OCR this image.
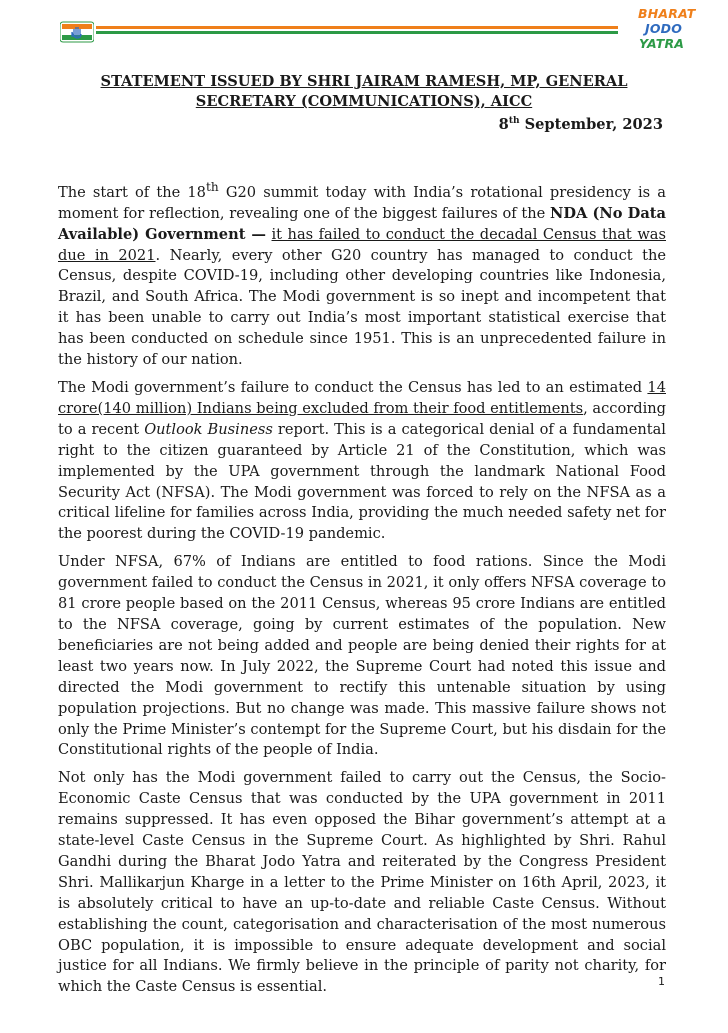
BHARAT
JODO
YATRA
STATEMENT ISSUED BY SHRI JAIRAM RAMESH, MP, GENERAL
SECRETARY (COMMUNICATIONS), AICC
8th September, 2023

The start of the 18th G20 summit today with India’s rotational presidency is a moment for reflection, revealing one of the biggest failures of the NDA (No Data Available) Government — it has failed to conduct the decadal Census that was due in 2021. Nearly, every other G20 country has managed to conduct the Census, despite COVID-19, including other developing countries like Indonesia, Brazil, and South Africa. The Modi government is so inept and incompetent that it has been unable to carry out India’s most important statistical exercise that has been conducted on schedule since 1951. This is an unprecedented failure in the history of our nation.

The Modi government’s failure to conduct the Census has led to an estimated 14 crore(140 million) Indians being excluded from their food entitlements, according to a recent Outlook Business report. This is a categorical denial of a fundamental right to the citizen guaranteed by Article 21 of the Constitution, which was implemented by the UPA government through the landmark National Food Security Act (NFSA). The Modi government was forced to rely on the NFSA as a critical lifeline for families across India, providing the much needed safety net for the poorest during the COVID-19 pandemic.

Under NFSA, 67% of Indians are entitled to food rations. Since the Modi government failed to conduct the Census in 2021, it only offers NFSA coverage to 81 crore people based on the 2011 Census, whereas 95 crore Indians are entitled to the NFSA coverage, going by current estimates of the population. New beneficiaries are not being added and people are being denied their rights for at least two years now. In July 2022, the Supreme Court had noted this issue and directed the Modi government to rectify this untenable situation by using population projections. But no change was made. This massive failure shows not only the Prime Minister’s contempt for the Supreme Court, but his disdain for the Constitutional rights of the people of India.

Not only has the Modi government failed to carry out the Census, the Socio-Economic Caste Census that was conducted by the UPA government in 2011 remains suppressed. It has even opposed the Bihar government’s attempt at a state-level Caste Census in the Supreme Court. As highlighted by Shri. Rahul Gandhi during the Bharat Jodo Yatra and reiterated by the Congress President Shri. Mallikarjun Kharge in a letter to the Prime Minister on 16th April, 2023, it is absolutely critical to have an up-to-date and reliable Caste Census. Without establishing the count, categorisation and characterisation of the most numerous OBC population, it is impossible to ensure adequate development and social justice for all Indians. We firmly believe in the principle of parity not charity, for which the Caste Census is essential.	1
